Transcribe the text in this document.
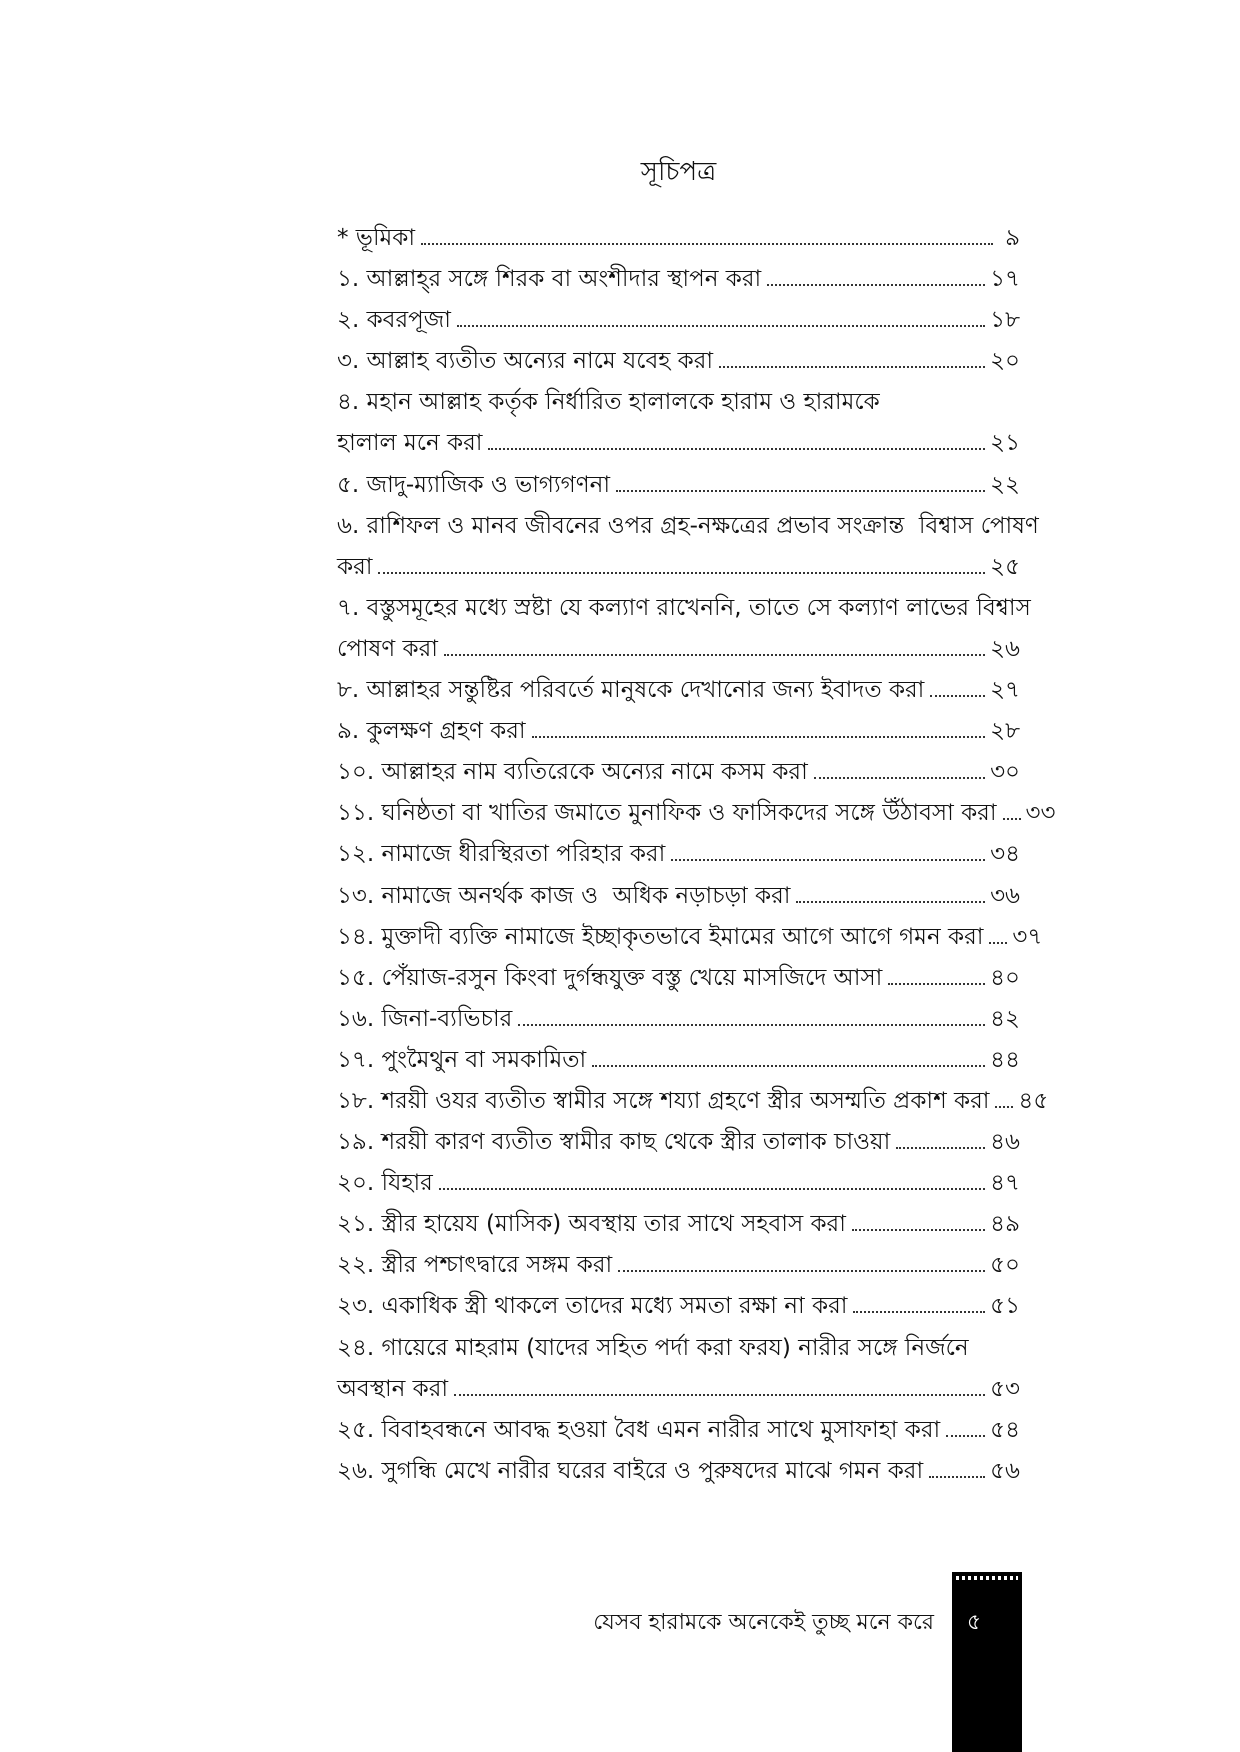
সূচিপত্র
* ভূমিকা	৯
১. আল্লাহ্‌র সঙ্গে শিরক বা অংশীদার স্থাপন করা	১৭
২. কবরপূজা	১৮
৩. আল্লাহ ব্যতীত অন্যের নামে যবেহ করা	২০
৪. মহান আল্লাহ কর্তৃক নির্ধারিত হালালকে হারাম ও হারামকে
হালাল মনে করা	২১
৫. জাদু-ম্যাজিক ও ভাগ্যগণনা	২২
৬. রাশিফল ও মানব জীবনের ওপর গ্রহ-নক্ষত্রের প্রভাব সংক্রান্ত  বিশ্বাস পোষণ
করা	২৫
৭. বস্তুসমূহের মধ্যে স্রষ্টা যে কল্যাণ রাখেননি, তাতে সে কল্যাণ লাভের বিশ্বাস
পোষণ করা	২৬
৮. আল্লাহর সন্তুষ্টির পরিবর্তে মানুষকে দেখানোর জন্য ইবাদত করা	২৭
৯. কুলক্ষণ গ্রহণ করা	২৮
১০. আল্লাহর নাম ব্যতিরেকে অন্যের নামে কসম করা	৩০
১১. ঘনিষ্ঠতা বা খাতির জমাতে মুনাফিক ও ফাসিকদের সঙ্গে উঁঠাবসা করা ৩৩
১২. নামাজে ধীরস্থিরতা পরিহার করা	৩৪
১৩. নামাজে অনর্থক কাজ ও  অধিক নড়াচড়া করা	৩৬
১৪. মুক্তাদী ব্যক্তি নামাজে ইচ্ছাকৃতভাবে ইমামের আগে আগে গমন করা ৩৭
১৫. পেঁয়াজ-রসুন কিংবা দুর্গন্ধযুক্ত বস্তু খেয়ে মাসজিদে আসা	৪০
১৬. জিনা-ব্যভিচার	৪২
১৭. পুংমৈথুন বা সমকামিতা	৪৪
১৮. শরয়ী ওযর ব্যতীত স্বামীর সঙ্গে শয্যা গ্রহণে স্ত্রীর অসম্মতি প্রকাশ করা ৪৫
১৯. শরয়ী কারণ ব্যতীত স্বামীর কাছ থেকে স্ত্রীর তালাক চাওয়া	৪৬
২০. যিহার	৪৭
২১. স্ত্রীর হায়েয (মাসিক) অবস্থায় তার সাথে সহবাস করা	৪৯
২২. স্ত্রীর পশ্চাৎদ্বারে সঙ্গম করা	৫০
২৩. একাধিক স্ত্রী থাকলে তাদের মধ্যে সমতা রক্ষা না করা	৫১
২৪. গায়েরে মাহরাম (যাদের সহিত পর্দা করা ফরয) নারীর সঙ্গে নির্জনে
অবস্থান করা	৫৩
২৫. বিবাহবন্ধনে আবদ্ধ হওয়া বৈধ এমন নারীর সাথে মুসাফাহা করা ৫৪
২৬. সুগন্ধি মেখে নারীর ঘরের বাইরে ও পুরুষদের মাঝে গমন করা	৫৬
যেসব হারামকে অনেকেই তুচ্ছ মনে করে ৫
